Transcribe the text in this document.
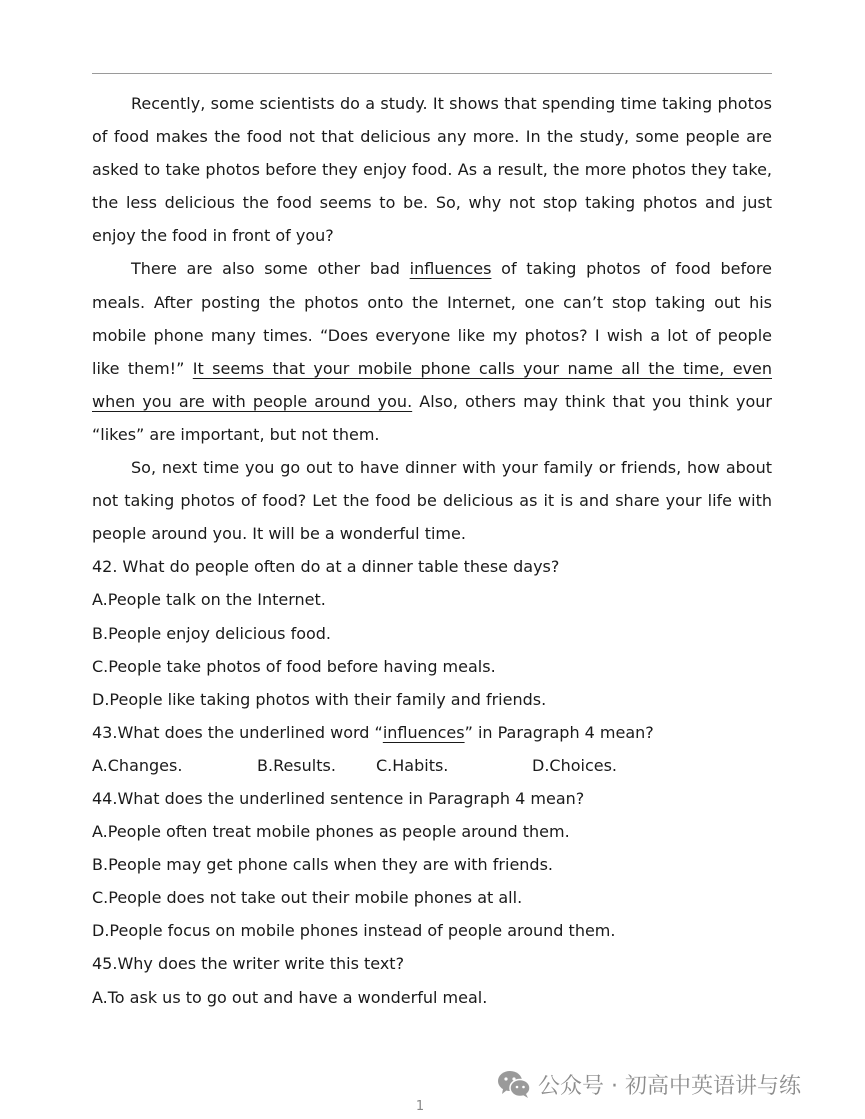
Recently, some scientists do a study. It shows that spending time taking photos of food makes the food not that delicious any more. In the study, some people are asked to take photos before they enjoy food. As a result, the more photos they take, the less delicious the food seems to be. So, why not stop taking photos and just enjoy the food in front of you?

There are also some other bad influences of taking photos of food before meals. After posting the photos onto the Internet, one can’t stop taking out his mobile phone many times. “Does everyone like my photos? I wish a lot of people like them!” It seems that your mobile phone calls your name all the time, even when you are with people around you. Also, others may think that you think your “likes” are important, but not them.

So, next time you go out to have dinner with your family or friends, how about not taking photos of food? Let the food be delicious as it is and share your life with people around you. It will be a wonderful time.

42. What do people often do at a dinner table these days?

A.People talk on the Internet.

B.People enjoy delicious food.

C.People take photos of food before having meals.

D.People like taking photos with their family and friends.

43.What does the underlined word “influences” in Paragraph 4 mean?

A.Changes.	B.Results.	C.Habits.	D.Choices.

44.What does the underlined sentence in Paragraph 4 mean?

A.People often treat mobile phones as people around them.

B.People may get phone calls when they are with friends.

C.People does not take out their mobile phones at all.

D.People focus on mobile phones instead of people around them.

45.Why does the writer write this text?

A.To ask us to go out and have a wonderful meal.

公众号 · 初高中英语讲与练
1
